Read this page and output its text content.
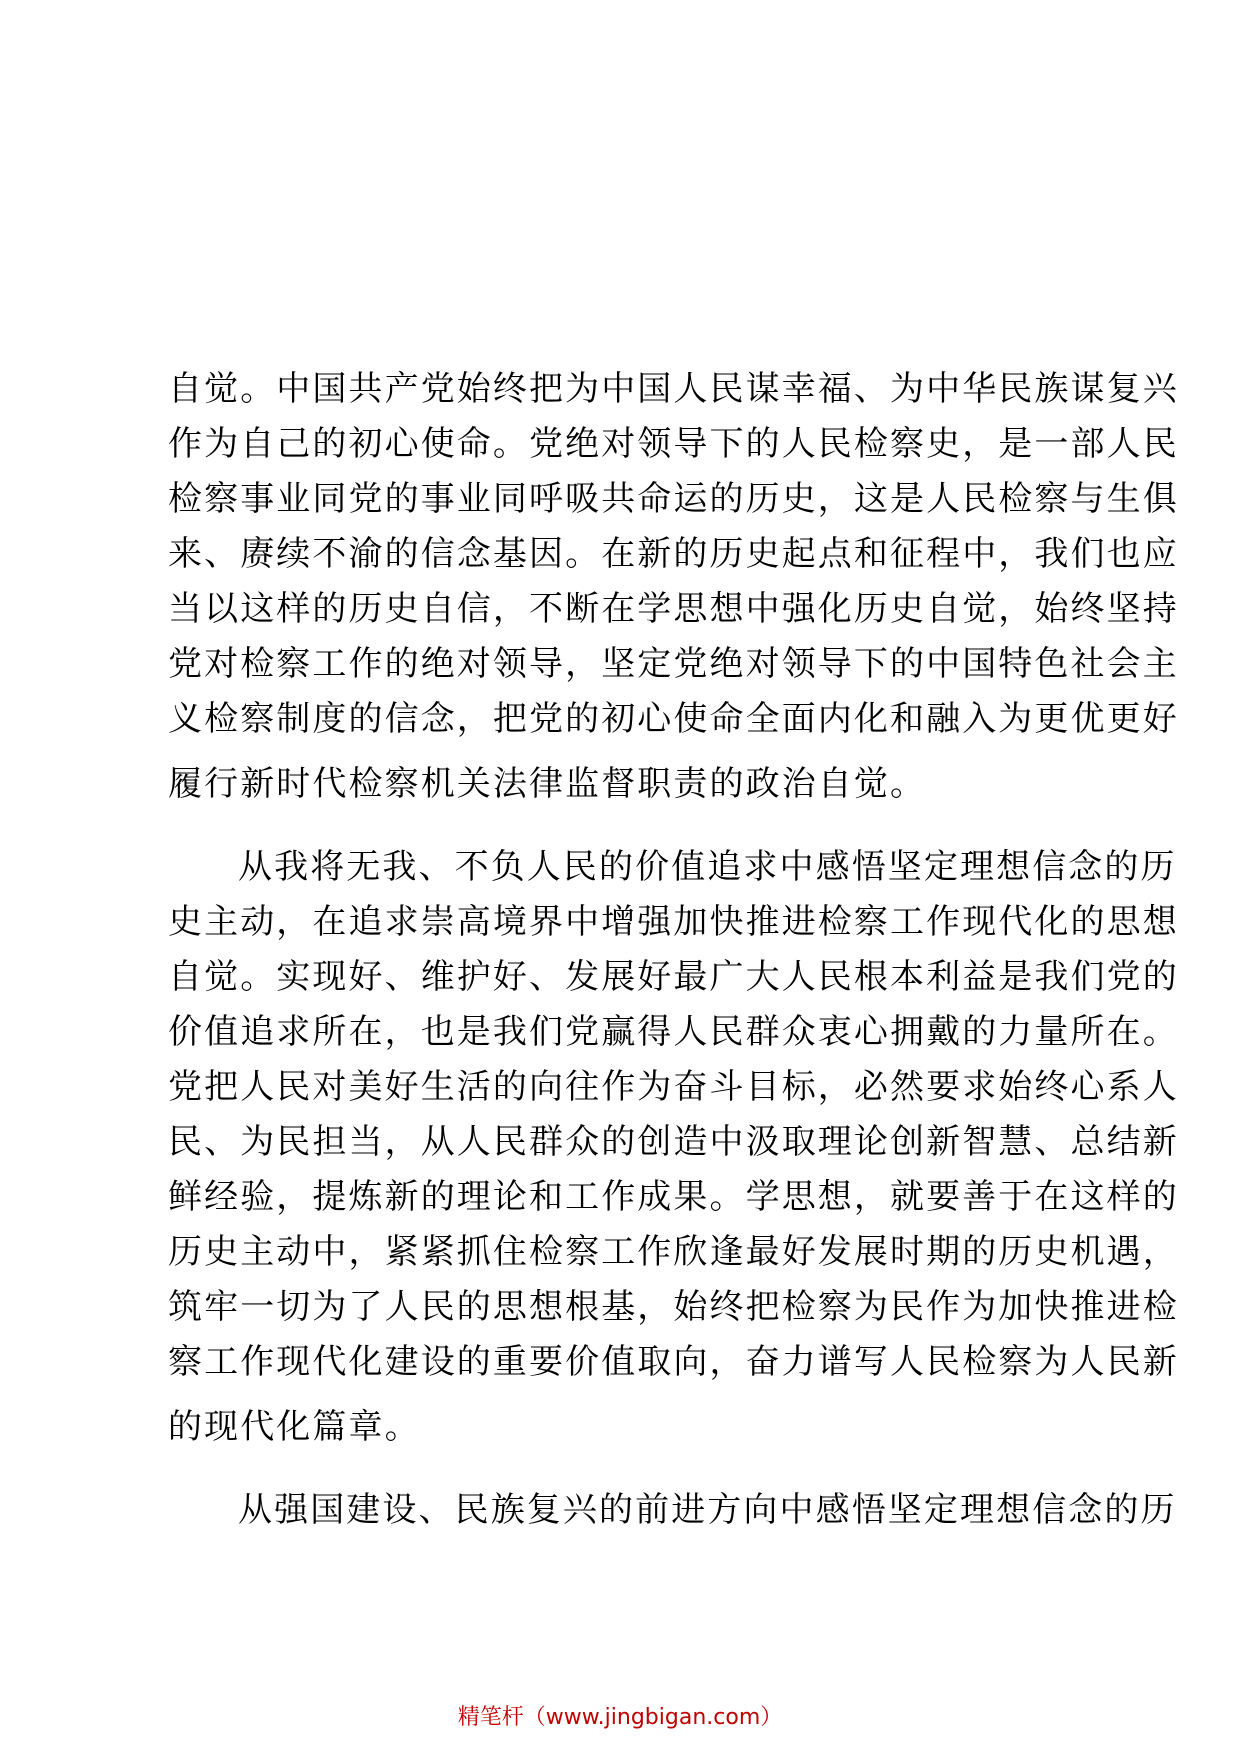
自觉。中国共产党始终把为中国人民谋幸福、为中华民族谋复兴
作为自己的初心使命。党绝对领导下的人民检察史，是一部人民
检察事业同党的事业同呼吸共命运的历史，这是人民检察与生俱
来、赓续不渝的信念基因。在新的历史起点和征程中，我们也应
当以这样的历史自信，不断在学思想中强化历史自觉，始终坚持
党对检察工作的绝对领导，坚定党绝对领导下的中国特色社会主
义检察制度的信念，把党的初心使命全面内化和融入为更优更好
履行新时代检察机关法律监督职责的政治自觉。
从我将无我、不负人民的价值追求中感悟坚定理想信念的历
史主动，在追求崇高境界中增强加快推进检察工作现代化的思想
自觉。实现好、维护好、发展好最广大人民根本利益是我们党的
价值追求所在，也是我们党赢得人民群众衷心拥戴的力量所在。
党把人民对美好生活的向往作为奋斗目标，必然要求始终心系人
民、为民担当，从人民群众的创造中汲取理论创新智慧、总结新
鲜经验，提炼新的理论和工作成果。学思想，就要善于在这样的
历史主动中，紧紧抓住检察工作欣逢最好发展时期的历史机遇，
筑牢一切为了人民的思想根基，始终把检察为民作为加快推进检
察工作现代化建设的重要价值取向，奋力谱写人民检察为人民新
的现代化篇章。
从强国建设、民族复兴的前进方向中感悟坚定理想信念的历
精笔杆（www.jingbigan.com）
